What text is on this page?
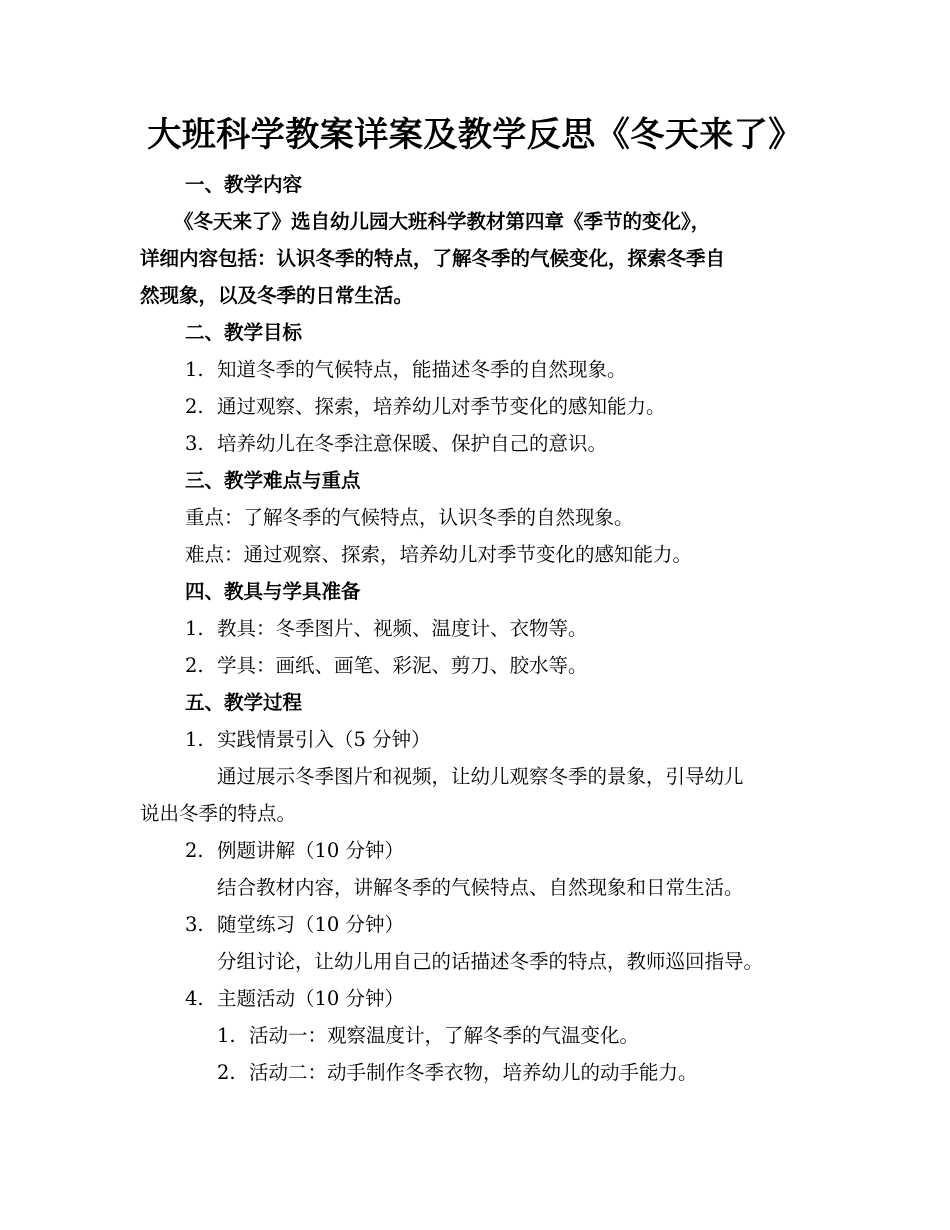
大班科学教案详案及教学反思《冬天来了》
一、教学内容
《冬天来了》选自幼儿园大班科学教材第四章《季节的变化》，
详细内容包括：认识冬季的特点，了解冬季的气候变化，探索冬季自
然现象，以及冬季的日常生活。
二、教学目标
1. 知道冬季的气候特点，能描述冬季的自然现象。
2. 通过观察、探索，培养幼儿对季节变化的感知能力。
3. 培养幼儿在冬季注意保暖、保护自己的意识。
三、教学难点与重点
重点：了解冬季的气候特点，认识冬季的自然现象。
难点：通过观察、探索，培养幼儿对季节变化的感知能力。
四、教具与学具准备
1. 教具：冬季图片、视频、温度计、衣物等。
2. 学具：画纸、画笔、彩泥、剪刀、胶水等。
五、教学过程
1. 实践情景引入（5 分钟）
通过展示冬季图片和视频，让幼儿观察冬季的景象，引导幼儿
说出冬季的特点。
2. 例题讲解（10 分钟）
结合教材内容，讲解冬季的气候特点、自然现象和日常生活。
3. 随堂练习（10 分钟）
分组讨论，让幼儿用自己的话描述冬季的特点，教师巡回指导。
4. 主题活动（10 分钟）
1. 活动一：观察温度计，了解冬季的气温变化。
2. 活动二：动手制作冬季衣物，培养幼儿的动手能力。
